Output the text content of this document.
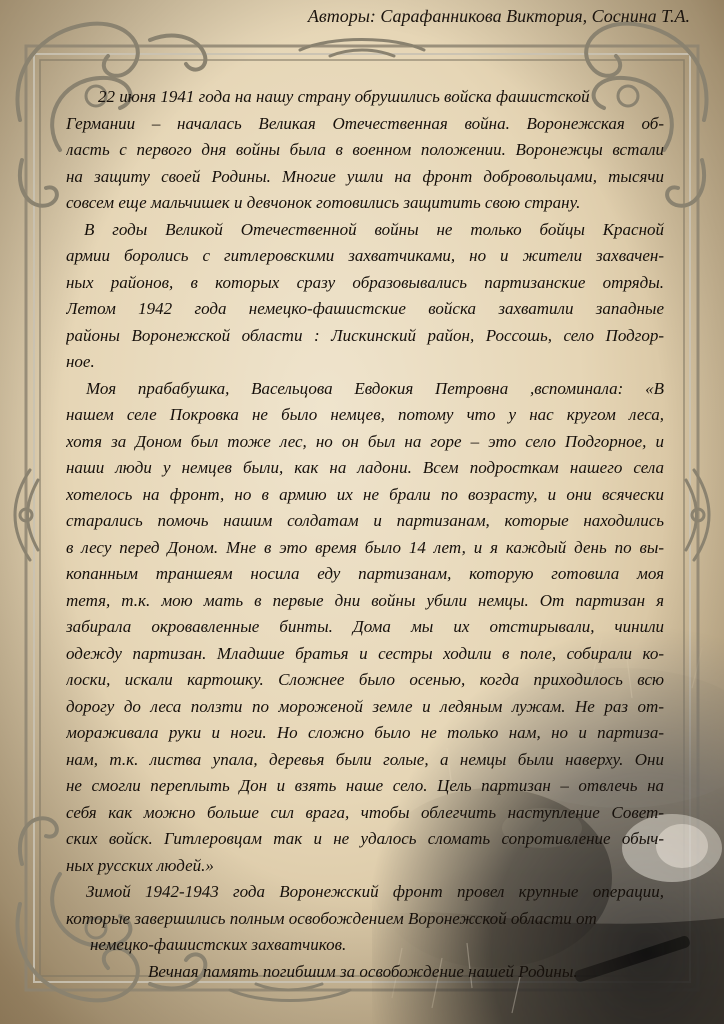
Авторы: Сарафанникова Виктория, Соснина Т.А.
22 июня 1941 года на нашу страну обрушились войска фашистской
Германии – началась Великая Отечественная война. Воронежская об-
ласть с первого дня войны была в военном положении. Воронежцы встали
на защиту своей Родины. Многие ушли на фронт добровольцами, тысячи
совсем еще мальчишек и девчонок готовились защитить свою страну.
В годы Великой Отечественной войны не только бойцы Красной
армии боролись с гитлеровскими захватчиками, но и жители захвачен-
ных районов, в которых сразу образовывались партизанские отряды.
Летом 1942 года немецко-фашистские войска захватили западные
районы Воронежской области : Лискинский район, Россошь, село Подгор-
ное.
Моя прабабушка, Васельцова Евдокия Петровна ,вспоминала: «В
нашем селе Покровка не было немцев, потому что у нас кругом леса,
хотя за Доном был тоже лес, но он был на горе – это село Подгорное, и
наши люди у немцев были, как на ладони. Всем подросткам нашего села
хотелось на фронт, но в армию их не брали по возрасту, и они всячески
старались помочь нашим солдатам и партизанам, которые находились
в лесу перед Доном. Мне в это время было 14 лет, и я каждый день по вы-
копанным траншеям носила еду партизанам, которую готовила моя
тетя, т.к. мою мать в первые дни войны убили немцы. От партизан я
забирала окровавленные бинты. Дома мы их отстирывали, чинили
одежду партизан. Младшие братья и сестры ходили в поле, собирали ко-
лоски, искали картошку. Сложнее было осенью, когда приходилось всю
дорогу до леса ползти по мороженой земле и ледяным лужам. Не раз от-
мораживала руки и ноги. Но сложно было не только нам, но и партиза-
нам, т.к. листва упала, деревья были голые, а немцы были наверху. Они
не смогли переплыть Дон и взять наше село. Цель партизан – отвлечь на
себя как можно больше сил врага, чтобы облегчить наступление Совет-
ских войск. Гитлеровцам так и не удалось сломать сопротивление обыч-
ных русских людей.»
Зимой 1942-1943 года Воронежский фронт провел крупные операции,
которые завершились полным освобождением Воронежской области от
немецко-фашистских захватчиков.
Вечная память погибшим за освобождение нашей Родины.
